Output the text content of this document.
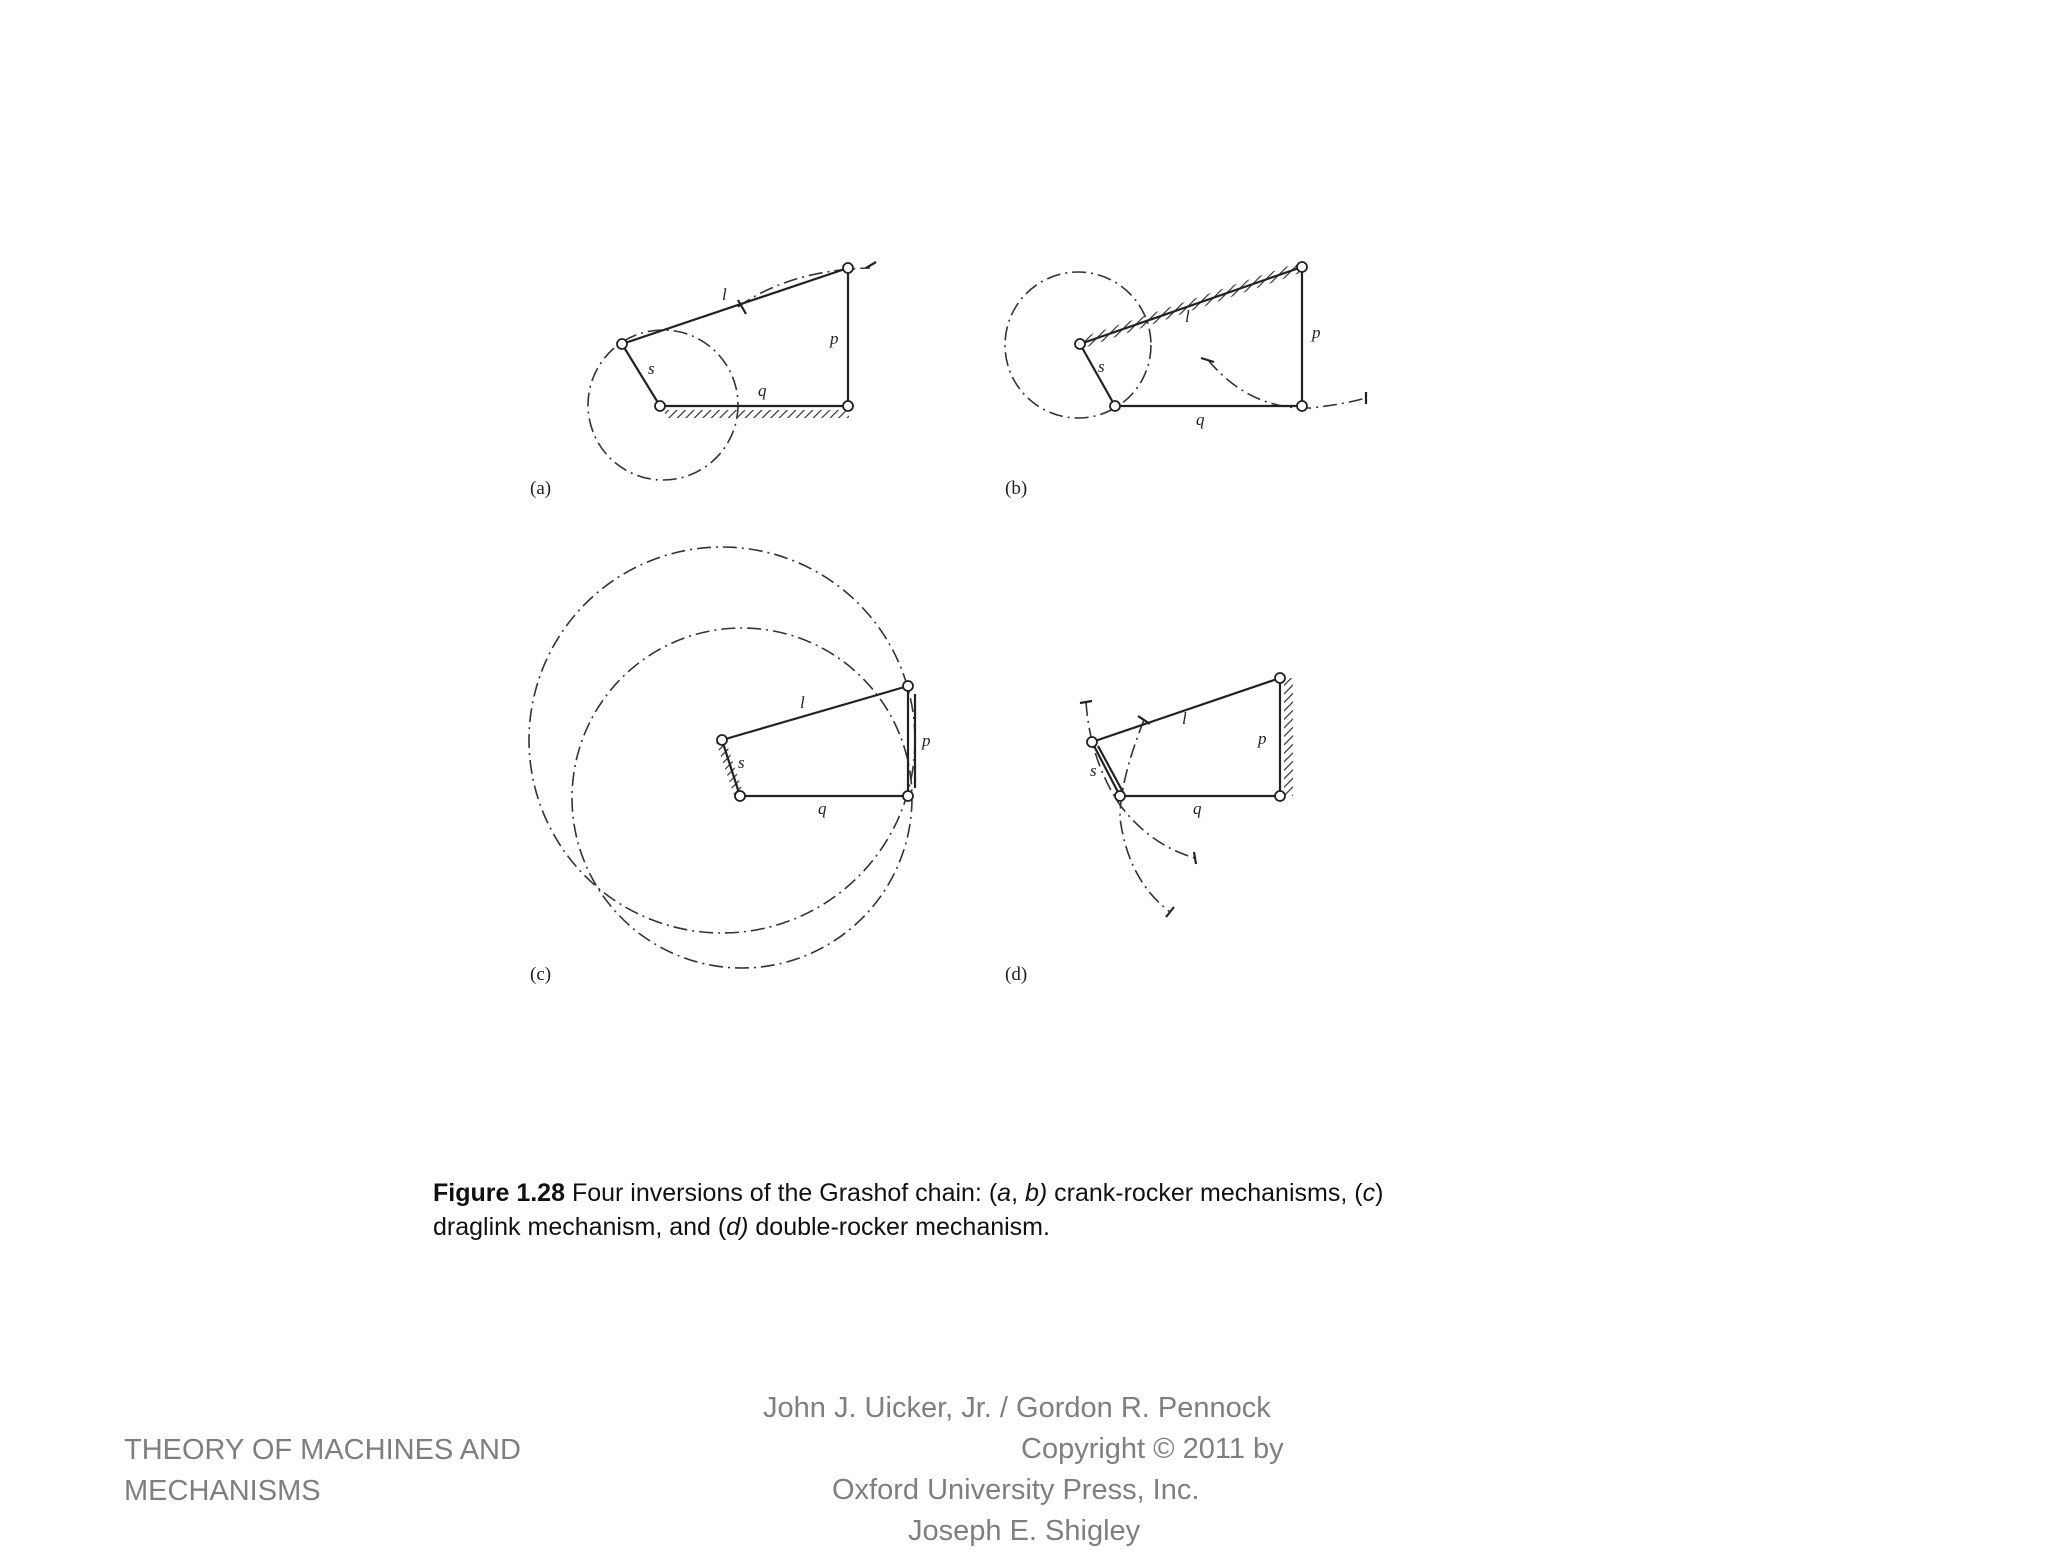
s
l
p
q
(a)
s
l
p
q
(b)
s
l
p
q
(c)
s
l
p
q
(d)
Figure 1.28 Four inversions of the Grashof chain: (a, b) crank-rocker mechanisms, (c)
draglink mechanism, and (d) double-rocker mechanism.
THEORY OF MACHINES AND
MECHANISMS
John J. Uicker, Jr. / Gordon R. Pennock
Copyright © 2011 by
Oxford University Press, Inc.
Joseph E. Shigley
